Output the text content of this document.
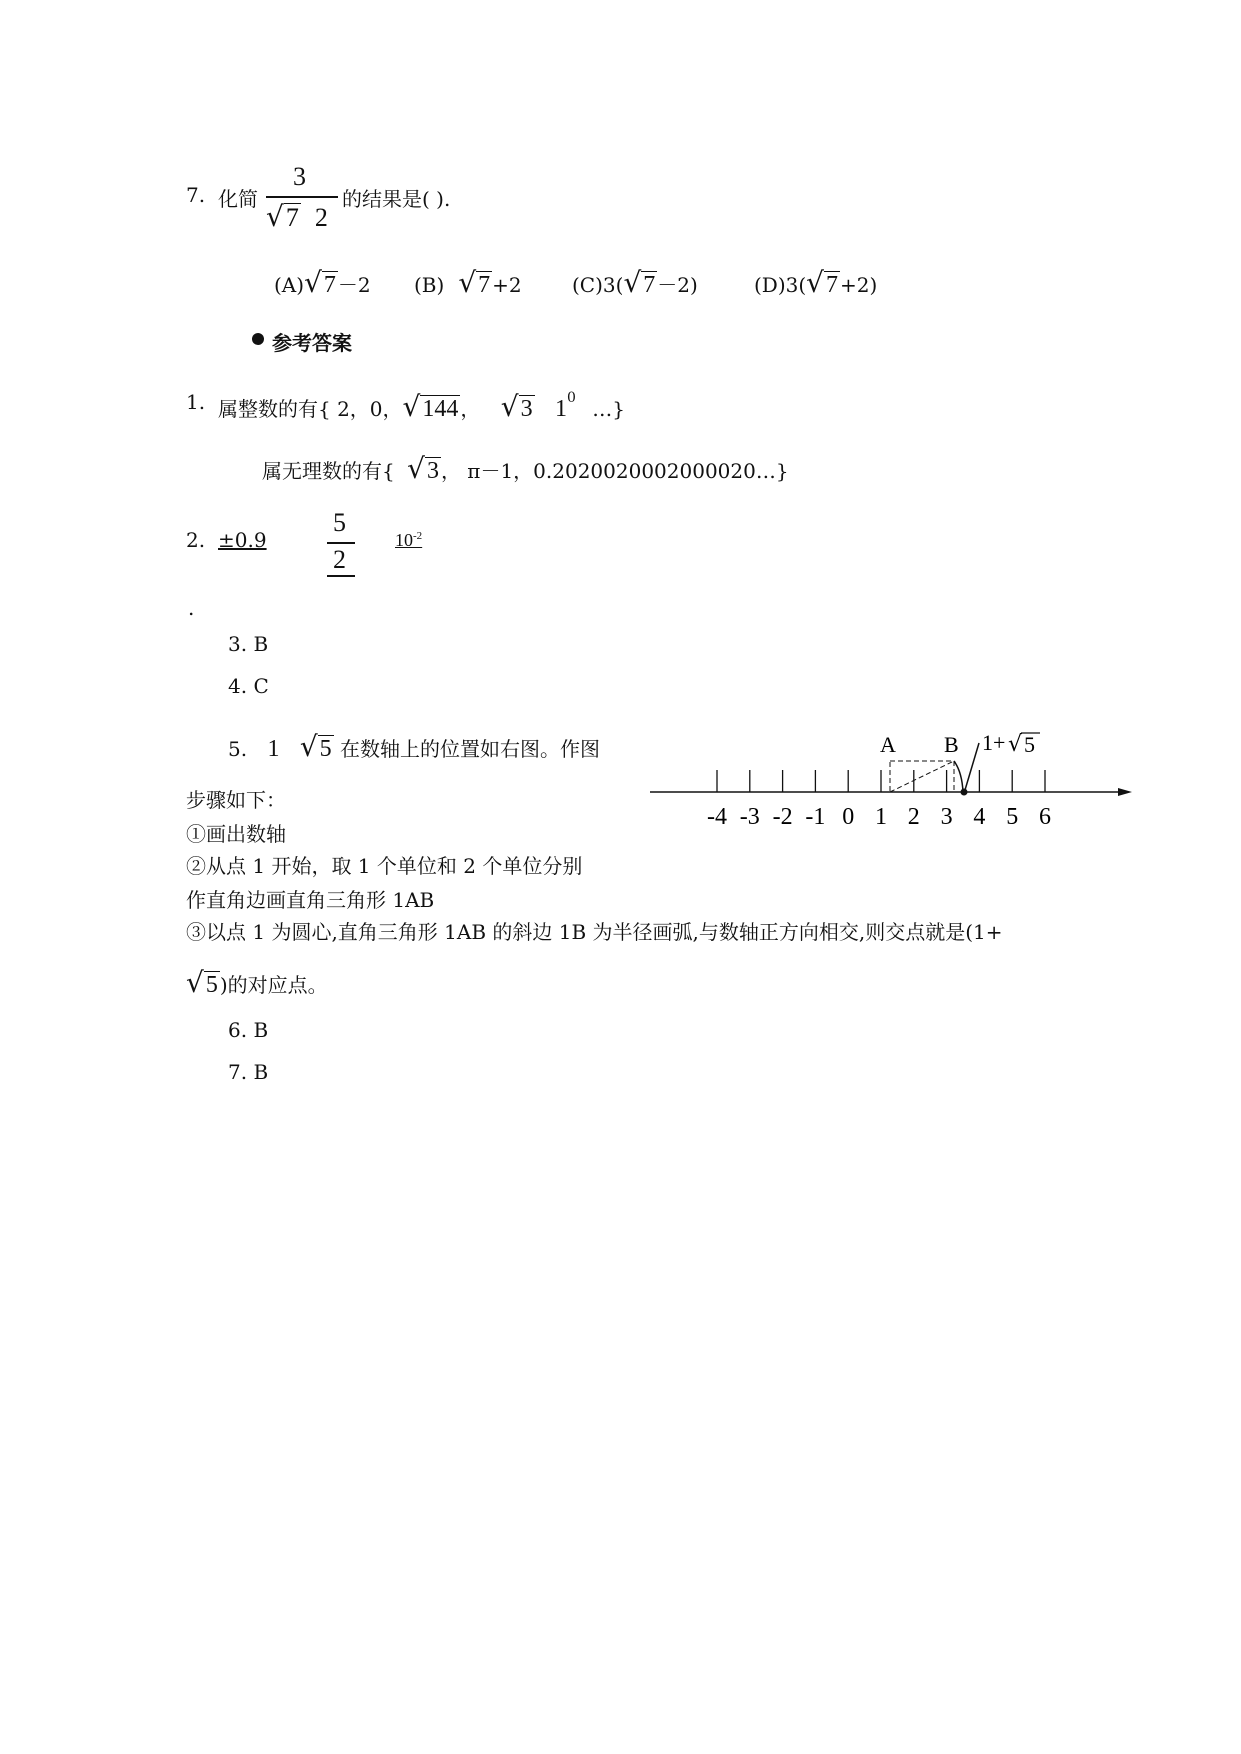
7. 化简
3
√7 2
的结果是( ).
(A)√7 －2 (B) √7 +2	(C)3(√7 －2)	(D)3(√7 +2)
参考答案
1. 属整数的有{ 2，0，√144 ， √3 $1^0$ …}
属无理数的有{ √3 ， π－1，0.2020020002000020…}
2. ±0.9
5
2
$10^{-2}$
.
3. B
4. C
5. 1 √5 在数轴上的位置如右图。作图
步骤如下：
①画出数轴
②从点 1 开始，取 1 个单位和 2 个单位分别
作直角边画直角三角形 1AB
③以点 1 为圆心,直角三角形 1AB 的斜边 1B 为半径画弧,与数轴正方向相交,则交点就是(1+
√5 )的对应点。
6. B
7. B
A B 1+ √ 5
-4 -3 -2 -1 0 1 2 3 4 5 6
